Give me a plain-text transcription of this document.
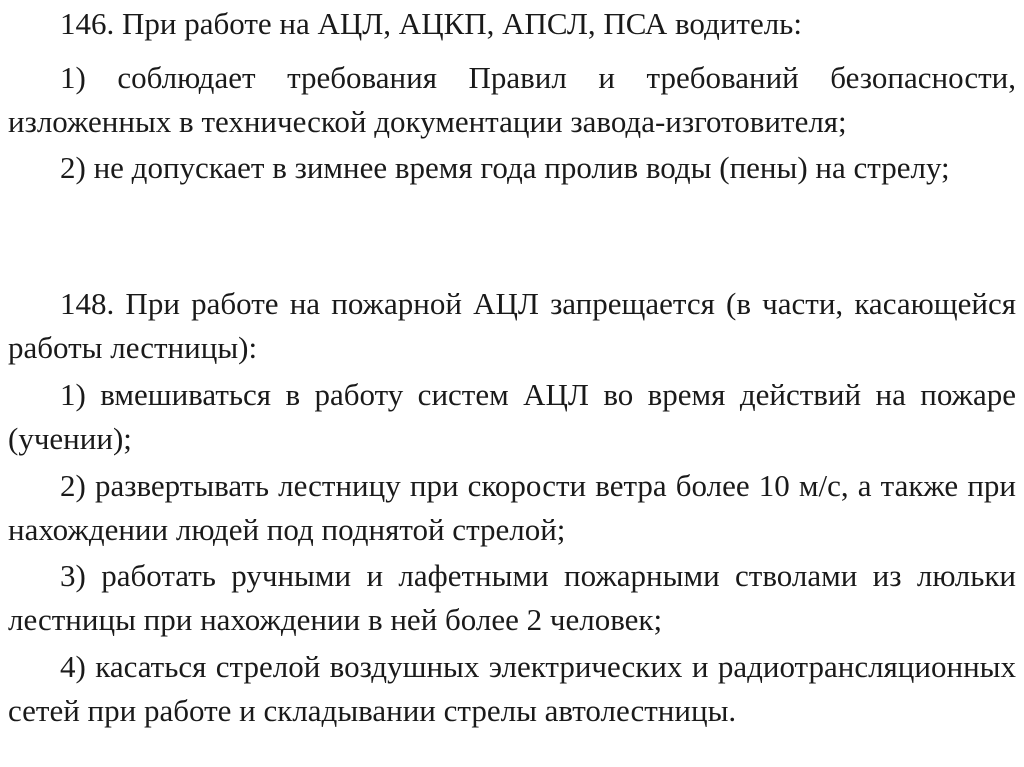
146. При работе на АЦЛ, АЦКП, АПСЛ, ПСА водитель:

1) соблюдает требования Правил и требований безопасности, изложенных в технической документации завода-изготовителя;

2) не допускает в зимнее время года пролив воды (пены) на стрелу;

148. При работе на пожарной АЦЛ запрещается (в части, касающейся работы лестницы):

1) вмешиваться в работу систем АЦЛ во время действий на пожаре (учении);

2) развертывать лестницу при скорости ветра более 10 м/с, а также при нахождении людей под поднятой стрелой;

3) работать ручными и лафетными пожарными стволами из люльки лестницы при нахождении в ней более 2 человек;

4) касаться стрелой воздушных электрических и радиотрансляционных сетей при работе и складывании стрелы автолестницы.
